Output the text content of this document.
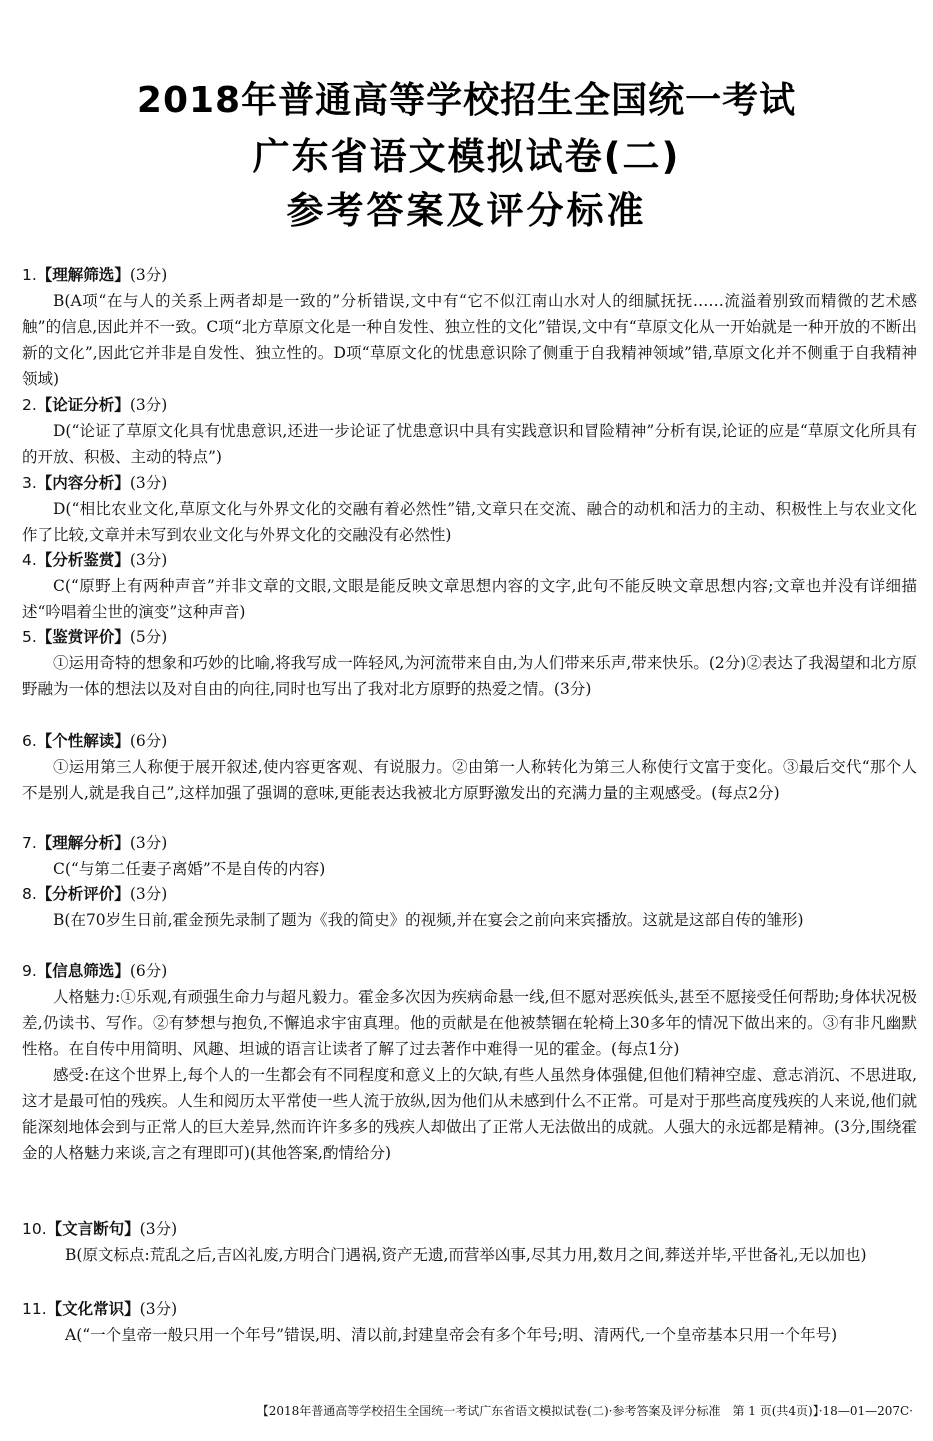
2018年普通高等学校招生全国统一考试
广东省语文模拟试卷(二)
参考答案及评分标准
1.【理解筛选】(3分)

B(A项“在与人的关系上两者却是一致的”分析错误,文中有“它不似江南山水对人的细腻抚抚……流溢着别致而精微的艺术感触”的信息,因此并不一致。C项“北方草原文化是一种自发性、独立性的文化”错误,文中有“草原文化从一开始就是一种开放的不断出新的文化”,因此它并非是自发性、独立性的。D项“草原文化的忧患意识除了侧重于自我精神领域”错,草原文化并不侧重于自我精神领域)

2.【论证分析】(3分)

D(“论证了草原文化具有忧患意识,还进一步论证了忧患意识中具有实践意识和冒险精神”分析有误,论证的应是“草原文化所具有的开放、积极、主动的特点”)

3.【内容分析】(3分)

D(“相比农业文化,草原文化与外界文化的交融有着必然性”错,文章只在交流、融合的动机和活力的主动、积极性上与农业文化作了比较,文章并未写到农业文化与外界文化的交融没有必然性)

4.【分析鉴赏】(3分)

C(“原野上有两种声音”并非文章的文眼,文眼是能反映文章思想内容的文字,此句不能反映文章思想内容;文章也并没有详细描述“吟唱着尘世的演变”这种声音)

5.【鉴赏评价】(5分)

①运用奇特的想象和巧妙的比喻,将我写成一阵轻风,为河流带来自由,为人们带来乐声,带来快乐。(2分)②表达了我渴望和北方原野融为一体的想法以及对自由的向往,同时也写出了我对北方原野的热爱之情。(3分)

6.【个性解读】(6分)

①运用第三人称便于展开叙述,使内容更客观、有说服力。②由第一人称转化为第三人称使行文富于变化。③最后交代“那个人不是别人,就是我自己”,这样加强了强调的意味,更能表达我被北方原野激发出的充满力量的主观感受。(每点2分)

7.【理解分析】(3分)

C(“与第二任妻子离婚”不是自传的内容)

8.【分析评价】(3分)

B(在70岁生日前,霍金预先录制了题为《我的简史》的视频,并在宴会之前向来宾播放。这就是这部自传的雏形)

9.【信息筛选】(6分)

人格魅力:①乐观,有顽强生命力与超凡毅力。霍金多次因为疾病命悬一线,但不愿对恶疾低头,甚至不愿接受任何帮助;身体状况极差,仍读书、写作。②有梦想与抱负,不懈追求宇宙真理。他的贡献是在他被禁锢在轮椅上30多年的情况下做出来的。③有非凡幽默性格。在自传中用简明、风趣、坦诚的语言让读者了解了过去著作中难得一见的霍金。(每点1分)

感受:在这个世界上,每个人的一生都会有不同程度和意义上的欠缺,有些人虽然身体强健,但他们精神空虚、意志消沉、不思进取,这才是最可怕的残疾。人生和阅历太平常使一些人流于放纵,因为他们从未感到什么不正常。可是对于那些高度残疾的人来说,他们就能深刻地体会到与正常人的巨大差异,然而许许多多的残疾人却做出了正常人无法做出的成就。人强大的永远都是精神。(3分,围绕霍金的人格魅力来谈,言之有理即可)(其他答案,酌情给分)

10.【文言断句】(3分)

B(原文标点:荒乱之后,吉凶礼废,方明合门遇祸,资产无遗,而营举凶事,尽其力用,数月之间,葬送并毕,平世备礼,无以加也)

11.【文化常识】(3分)

A(“一个皇帝一般只用一个年号”错误,明、清以前,封建皇帝会有多个年号;明、清两代,一个皇帝基本只用一个年号)

【2018年普通高等学校招生全国统一考试广东省语文模拟试卷(二)·参考答案及评分标准　第 1 页(共4页)】·18—01—207C·
